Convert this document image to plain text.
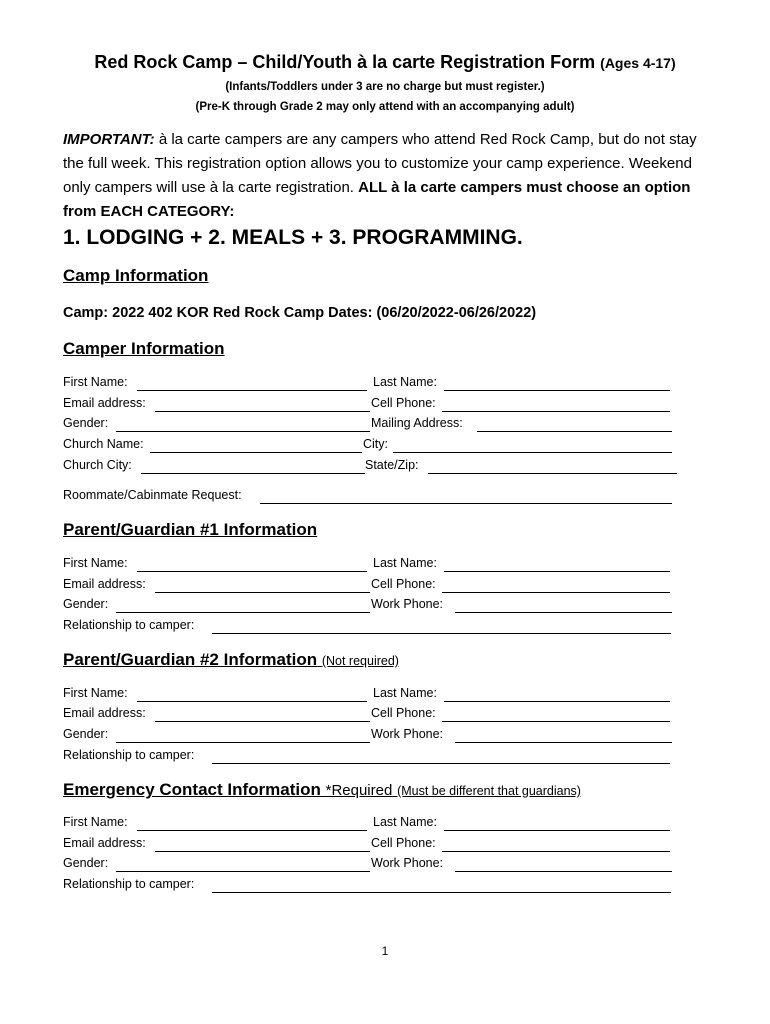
Red Rock Camp – Child/Youth à la carte Registration Form (Ages 4-17)
(Infants/Toddlers under 3 are no charge but must register.)
(Pre-K through Grade 2 may only attend with an accompanying adult)
IMPORTANT: à la carte campers are any campers who attend Red Rock Camp, but do not stay the full week. This registration option allows you to customize your camp experience. Weekend only campers will use à la carte registration. ALL à la carte campers must choose an option from EACH CATEGORY:
1. LODGING + 2. MEALS + 3. PROGRAMMING.
Camp Information
Camp: 2022 402 KOR Red Rock Camp Dates: (06/20/2022-06/26/2022)
Camper Information
First Name:	Last Name:
Email address:	Cell Phone:
Gender:	Mailing Address:
Church Name:	City:
Church City:	State/Zip:
Roommate/Cabinmate Request:
Parent/Guardian #1 Information
First Name:	Last Name:
Email address:	Cell Phone:
Gender:	Work Phone:
Relationship to camper:
Parent/Guardian #2 Information (Not required)
First Name:	Last Name:
Email address:	Cell Phone:
Gender:	Work Phone:
Relationship to camper:
Emergency Contact Information *Required (Must be different that guardians)
First Name:	Last Name:
Email address:	Cell Phone:
Gender:	Work Phone:
Relationship to camper:
1
